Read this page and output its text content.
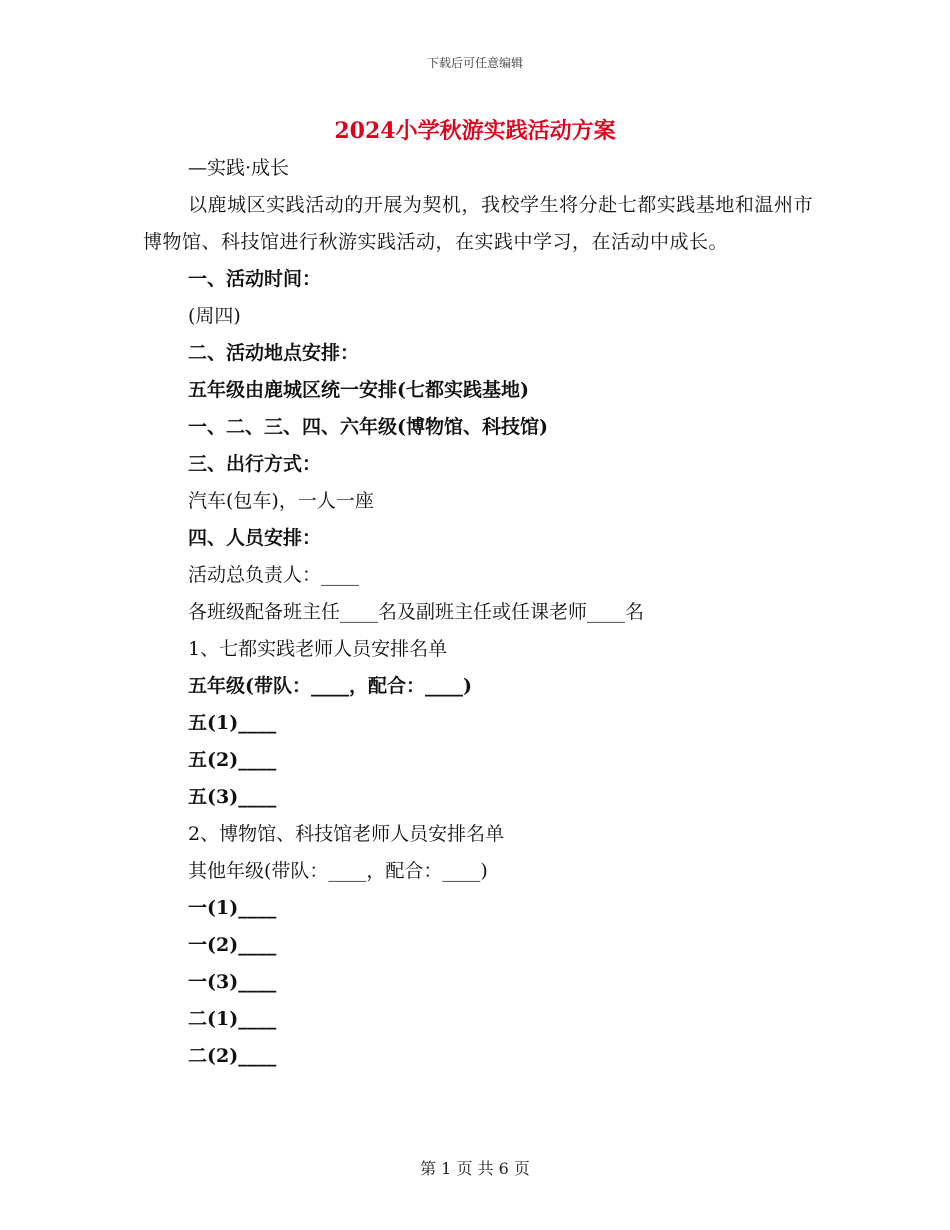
下载后可任意编辑
2024小学秋游实践活动方案

—实践·成长

以鹿城区实践活动的开展为契机，我校学生将分赴七都实践基地和温州市博物馆、科技馆进行秋游实践活动，在实践中学习，在活动中成长。

一、活动时间：

(周四)

二、活动地点安排：

五年级由鹿城区统一安排(七都实践基地)

一、二、三、四、六年级(博物馆、科技馆)

三、出行方式：

汽车(包车)，一人一座

四、人员安排：

活动总负责人：____

各班级配备班主任____名及副班主任或任课老师____名

1、七都实践老师人员安排名单

五年级(带队：____，配合：____)

五(1)____

五(2)____

五(3)____

2、博物馆、科技馆老师人员安排名单

其他年级(带队：____，配合：____)

一(1)____

一(2)____

一(3)____

二(1)____

二(2)____

第 1 页 共 6 页
